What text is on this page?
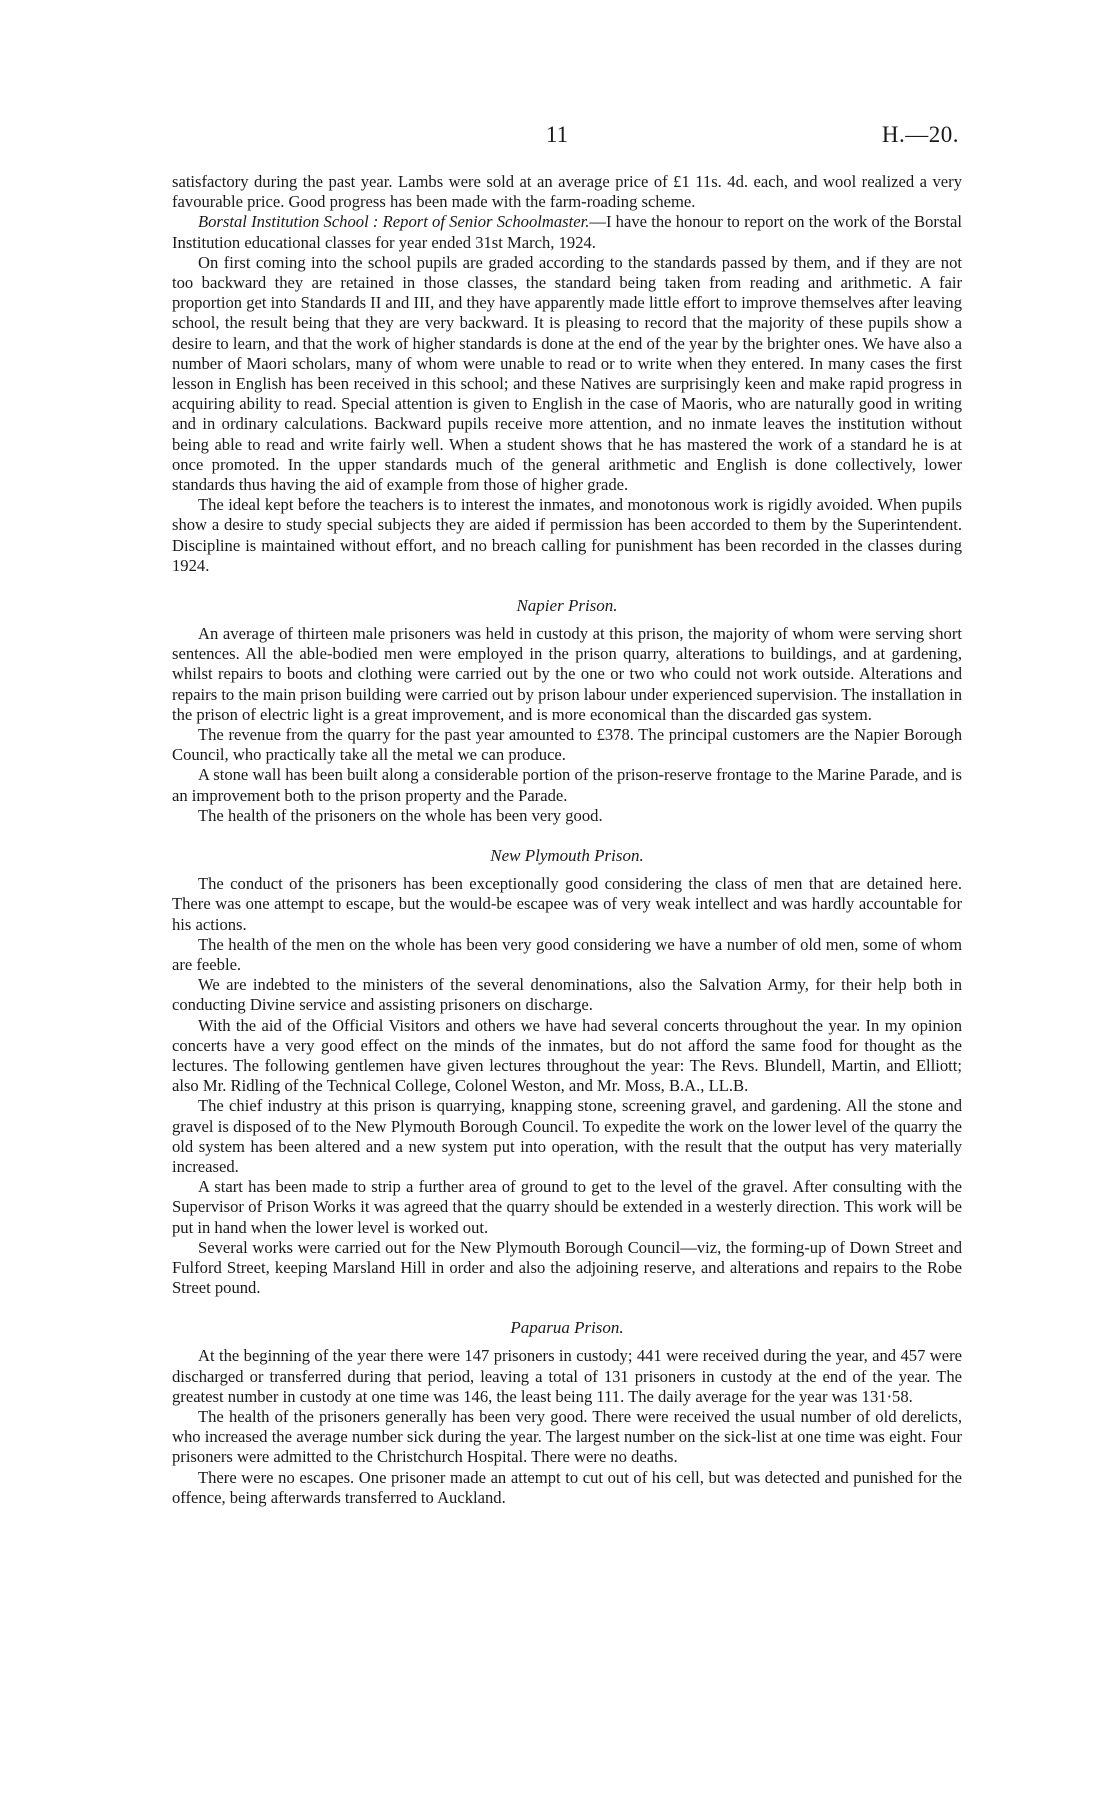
11	H.—20.

satisfactory during the past year. Lambs were sold at an average price of £1 11s. 4d. each, and wool realized a very favourable price. Good progress has been made with the farm-roading scheme.

Borstal Institution School : Report of Senior Schoolmaster.—I have the honour to report on the work of the Borstal Institution educational classes for year ended 31st March, 1924.

On first coming into the school pupils are graded according to the standards passed by them, and if they are not too backward they are retained in those classes, the standard being taken from reading and arithmetic. A fair proportion get into Standards II and III, and they have apparently made little effort to improve themselves after leaving school, the result being that they are very backward. It is pleasing to record that the majority of these pupils show a desire to learn, and that the work of higher standards is done at the end of the year by the brighter ones. We have also a number of Maori scholars, many of whom were unable to read or to write when they entered. In many cases the first lesson in English has been received in this school; and these Natives are surprisingly keen and make rapid progress in acquiring ability to read. Special attention is given to English in the case of Maoris, who are naturally good in writing and in ordinary calculations. Backward pupils receive more attention, and no inmate leaves the institution without being able to read and write fairly well. When a student shows that he has mastered the work of a standard he is at once promoted. In the upper standards much of the general arithmetic and English is done collectively, lower standards thus having the aid of example from those of higher grade.

The ideal kept before the teachers is to interest the inmates, and monotonous work is rigidly avoided. When pupils show a desire to study special subjects they are aided if permission has been accorded to them by the Superintendent. Discipline is maintained without effort, and no breach calling for punishment has been recorded in the classes during 1924.

Napier Prison.

An average of thirteen male prisoners was held in custody at this prison, the majority of whom were serving short sentences. All the able-bodied men were employed in the prison quarry, alterations to buildings, and at gardening, whilst repairs to boots and clothing were carried out by the one or two who could not work outside. Alterations and repairs to the main prison building were carried out by prison labour under experienced supervision. The installation in the prison of electric light is a great improvement, and is more economical than the discarded gas system.

The revenue from the quarry for the past year amounted to £378. The principal customers are the Napier Borough Council, who practically take all the metal we can produce.

A stone wall has been built along a considerable portion of the prison-reserve frontage to the Marine Parade, and is an improvement both to the prison property and the Parade.

The health of the prisoners on the whole has been very good.

New Plymouth Prison.

The conduct of the prisoners has been exceptionally good considering the class of men that are detained here. There was one attempt to escape, but the would-be escapee was of very weak intellect and was hardly accountable for his actions.

The health of the men on the whole has been very good considering we have a number of old men, some of whom are feeble.

We are indebted to the ministers of the several denominations, also the Salvation Army, for their help both in conducting Divine service and assisting prisoners on discharge.

With the aid of the Official Visitors and others we have had several concerts throughout the year. In my opinion concerts have a very good effect on the minds of the inmates, but do not afford the same food for thought as the lectures. The following gentlemen have given lectures throughout the year: The Revs. Blundell, Martin, and Elliott; also Mr. Ridling of the Technical College, Colonel Weston, and Mr. Moss, B.A., LL.B.

The chief industry at this prison is quarrying, knapping stone, screening gravel, and gardening. All the stone and gravel is disposed of to the New Plymouth Borough Council. To expedite the work on the lower level of the quarry the old system has been altered and a new system put into operation, with the result that the output has very materially increased.

A start has been made to strip a further area of ground to get to the level of the gravel. After consulting with the Supervisor of Prison Works it was agreed that the quarry should be extended in a westerly direction. This work will be put in hand when the lower level is worked out.

Several works were carried out for the New Plymouth Borough Council—viz, the forming-up of Down Street and Fulford Street, keeping Marsland Hill in order and also the adjoining reserve, and alterations and repairs to the Robe Street pound.

Paparua Prison.

At the beginning of the year there were 147 prisoners in custody; 441 were received during the year, and 457 were discharged or transferred during that period, leaving a total of 131 prisoners in custody at the end of the year. The greatest number in custody at one time was 146, the least being 111. The daily average for the year was 131·58.

The health of the prisoners generally has been very good. There were received the usual number of old derelicts, who increased the average number sick during the year. The largest number on the sick-list at one time was eight. Four prisoners were admitted to the Christchurch Hospital. There were no deaths.

There were no escapes. One prisoner made an attempt to cut out of his cell, but was detected and punished for the offence, being afterwards transferred to Auckland.
